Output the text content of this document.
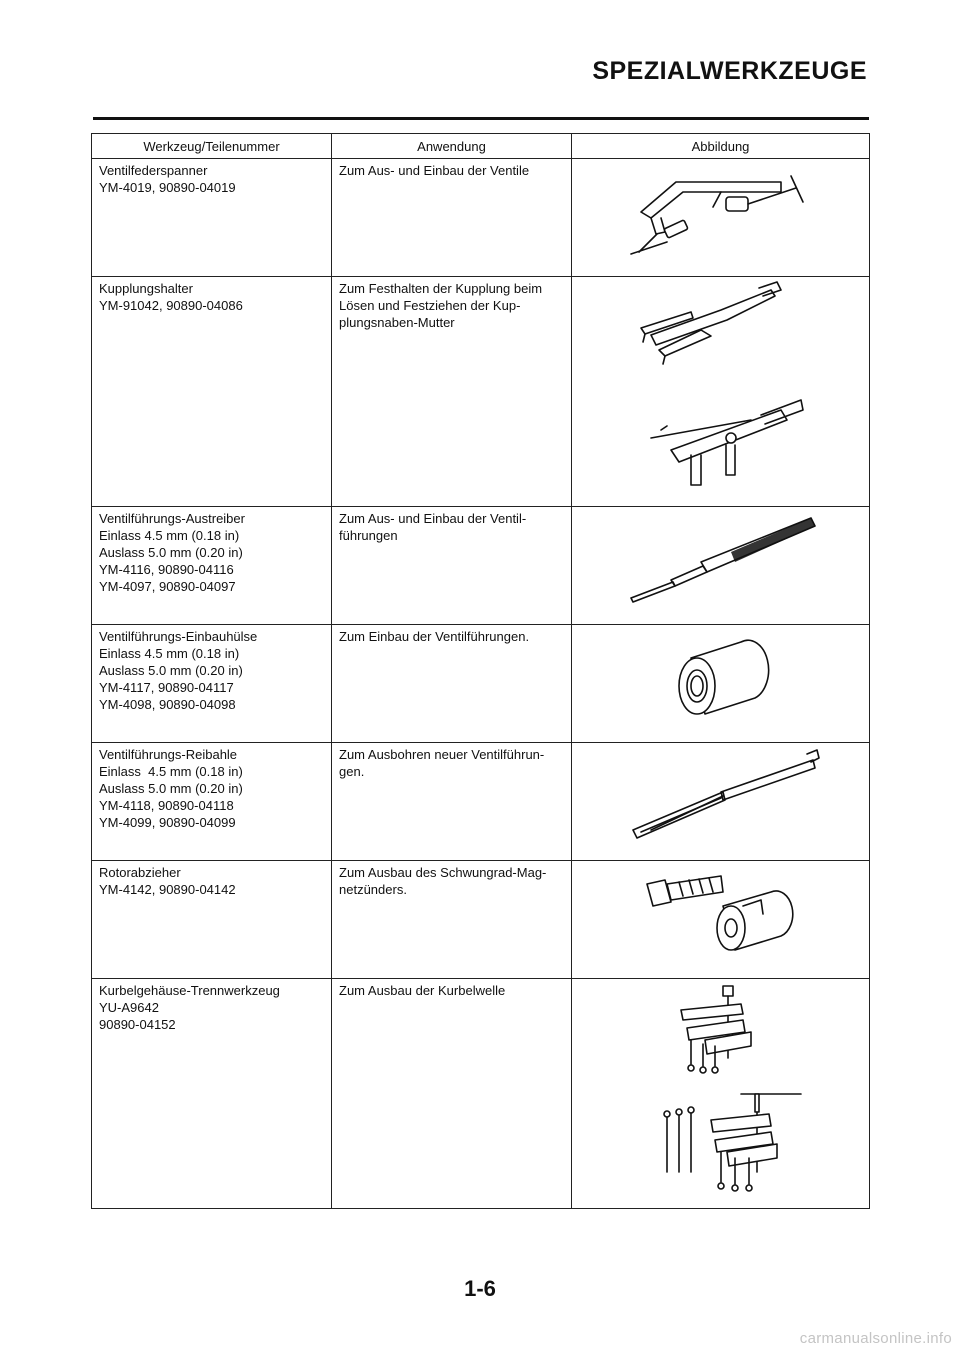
SPEZIALWERKZEUGE
Werkzeug/Teilenummer	Anwendung	Abbildung

Ventilfederspanner
YM-4019, 90890-04019	Zum Aus- und Einbau der Ventile

Kupplungshalter
YM-91042, 90890-04086	Zum Festhalten der Kupplung beim
Lösen und Festziehen der Kup-
plungsnaben-Mutter

Ventilführungs-Austreiber
Einlass 4.5 mm (0.18 in)
Auslass 5.0 mm (0.20 in)
YM-4116, 90890-04116
YM-4097, 90890-04097	Zum Aus- und Einbau der Ventil-
führungen

Ventilführungs-Einbauhülse
Einlass 4.5 mm (0.18 in)
Auslass 5.0 mm (0.20 in)
YM-4117, 90890-04117
YM-4098, 90890-04098	Zum Einbau der Ventilführungen.

Ventilführungs-Reibahle
Einlass  4.5 mm (0.18 in)
Auslass 5.0 mm (0.20 in)
YM-4118, 90890-04118
YM-4099, 90890-04099	Zum Ausbohren neuer Ventilführun-
gen.

Rotorabzieher
YM-4142, 90890-04142	Zum Ausbau des Schwungrad-Mag-
netzünders.

Kurbelgehäuse-Trennwerkzeug
YU-A9642
90890-04152	Zum Ausbau der Kurbelwelle

1-6
carmanualsonline.info
